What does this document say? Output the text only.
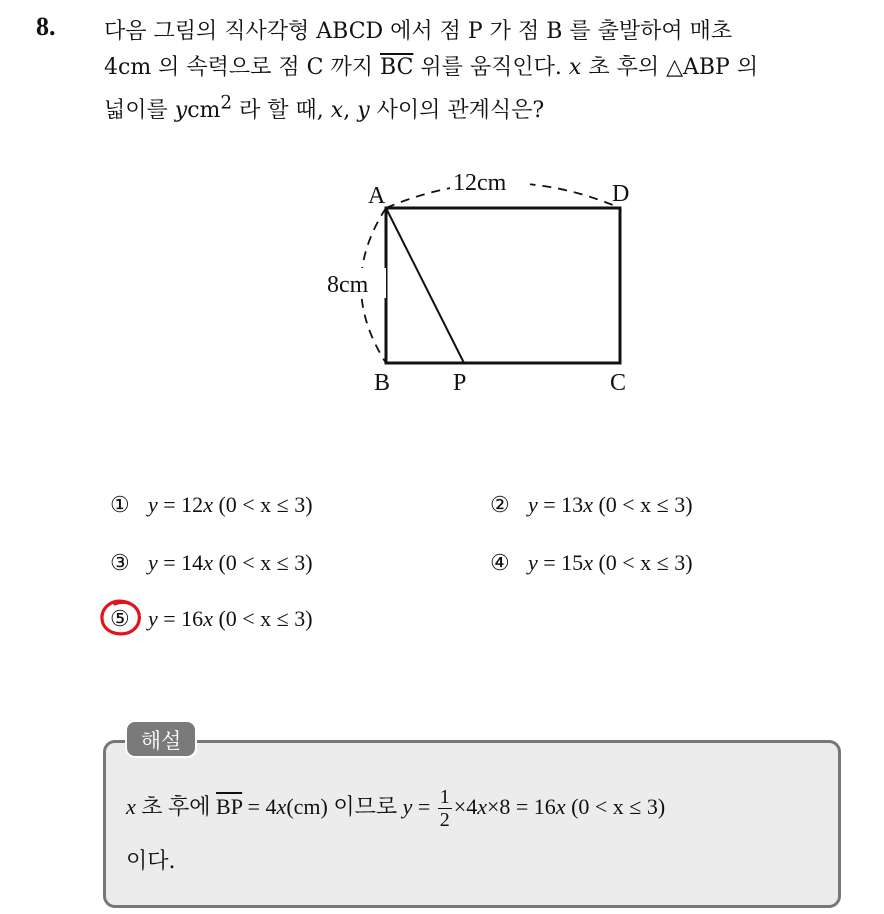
8. 다음 그림의 직사각형 ABCD 에서 점 P 가 점 B 를 출발하여 매초
4cm 의 속력으로 점 C 까지 $\overline{BC}$ 위를 움직인다. x 초 후의 △ABP 의
넓이를 ycm$^2$ 라 할 때, x, y 사이의 관계식은?
12cm
8cm
A	D
B	P	C
① y = 12x (0 < x ≤ 3)	② y = 13x (0 < x ≤ 3)
③ y = 14x (0 < x ≤ 3)	④ y = 15x (0 < x ≤ 3)
⑤ y = 16x (0 < x ≤ 3)
해설
x 초 후에 $\overline{BP} = 4x(cm)$ 이므로 $y = \frac{1}{2} \times 4x\times 8 = 16x$ (0 < x ≤ 3)
이다.
